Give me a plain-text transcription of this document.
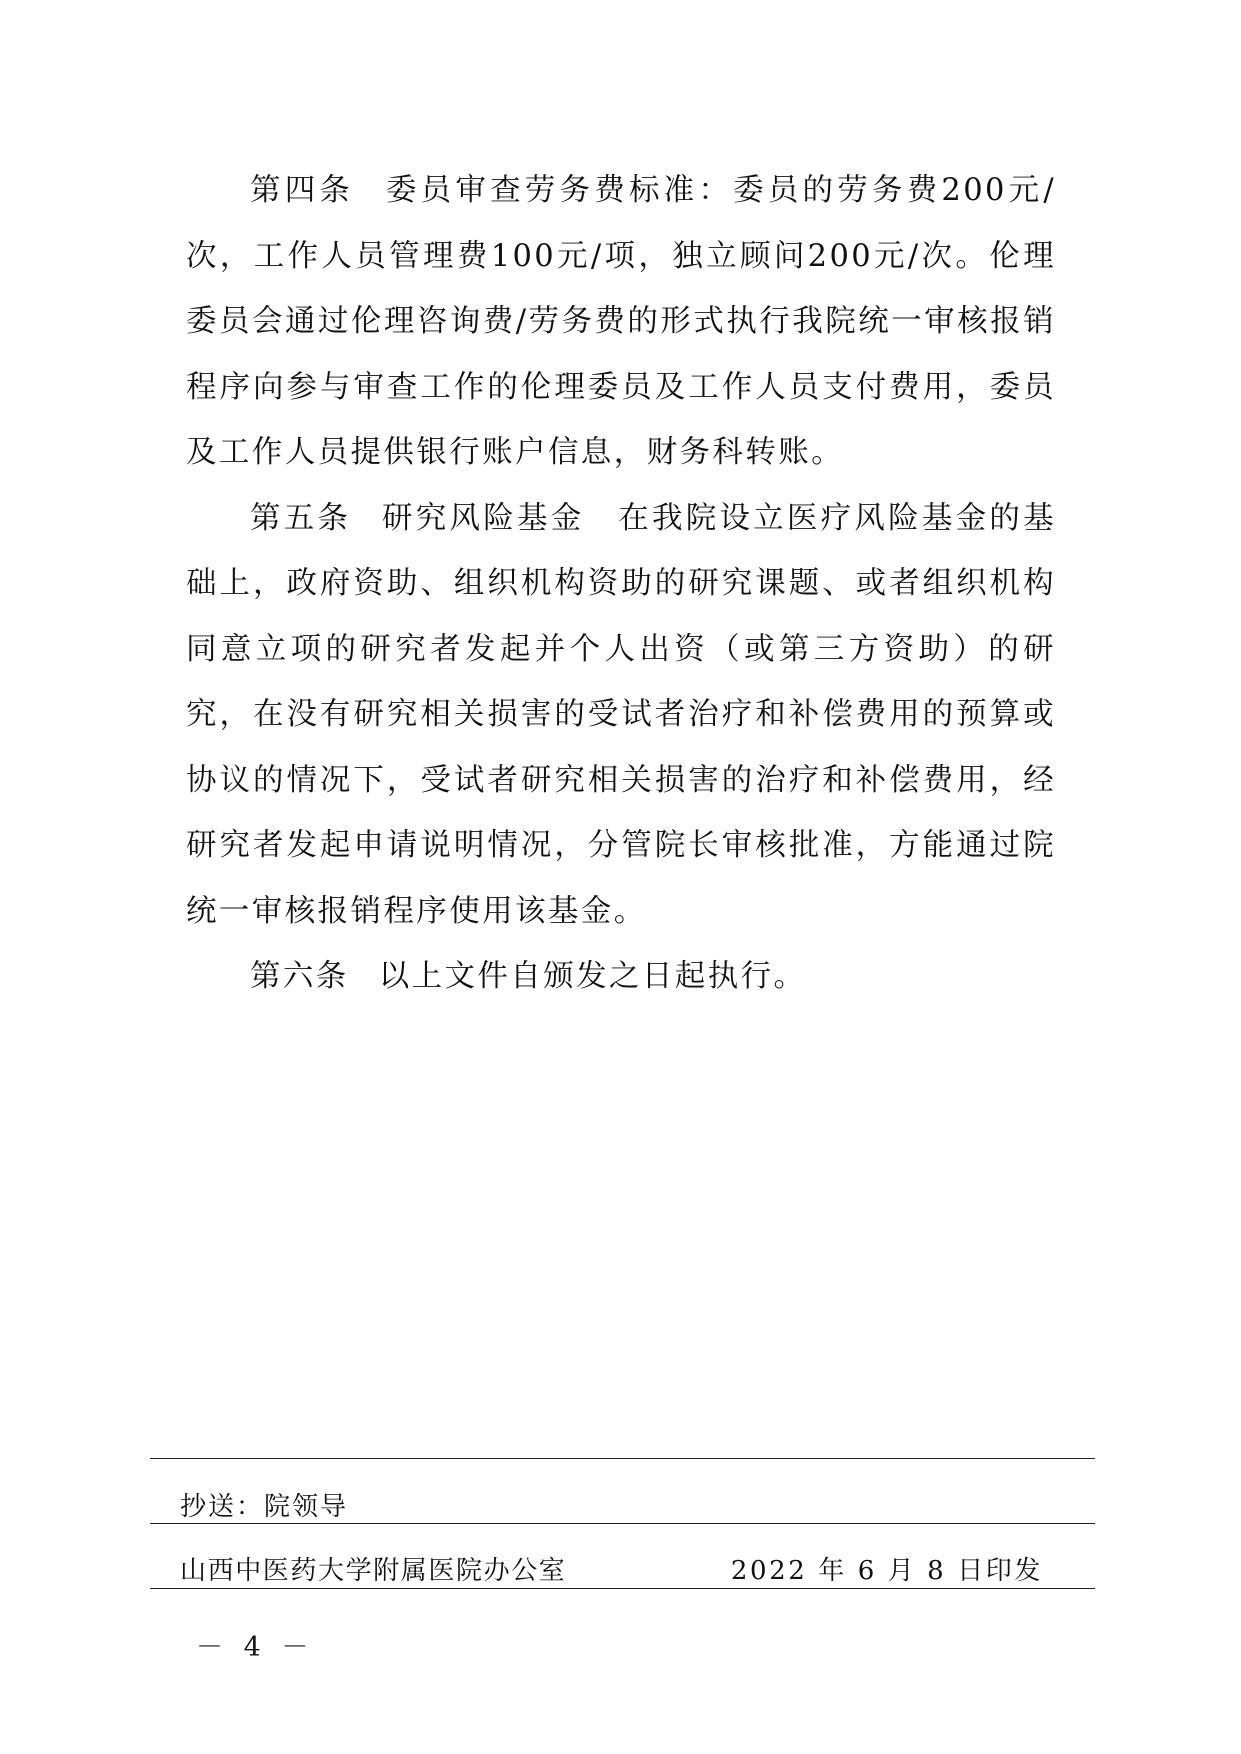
第四条 委员审查劳务费标准：委员的劳务费200元/次，工作人员管理费100元/项，独立顾问200元/次。伦理委员会通过伦理咨询费/劳务费的形式执行我院统一审核报销程序向参与审查工作的伦理委员及工作人员支付费用，委员及工作人员提供银行账户信息，财务科转账。

第五条 研究风险基金　在我院设立医疗风险基金的基础上，政府资助、组织机构资助的研究课题、或者组织机构同意立项的研究者发起并个人出资（或第三方资助）的研究，在没有研究相关损害的受试者治疗和补偿费用的预算或协议的情况下，受试者研究相关损害的治疗和补偿费用，经研究者发起申请说明情况，分管院长审核批准，方能通过院统一审核报销程序使用该基金。

第六条 以上文件自颁发之日起执行。

抄送：院领导
山西中医药大学附属医院办公室	2022 年 6 月 8 日印发
－ 4 －
